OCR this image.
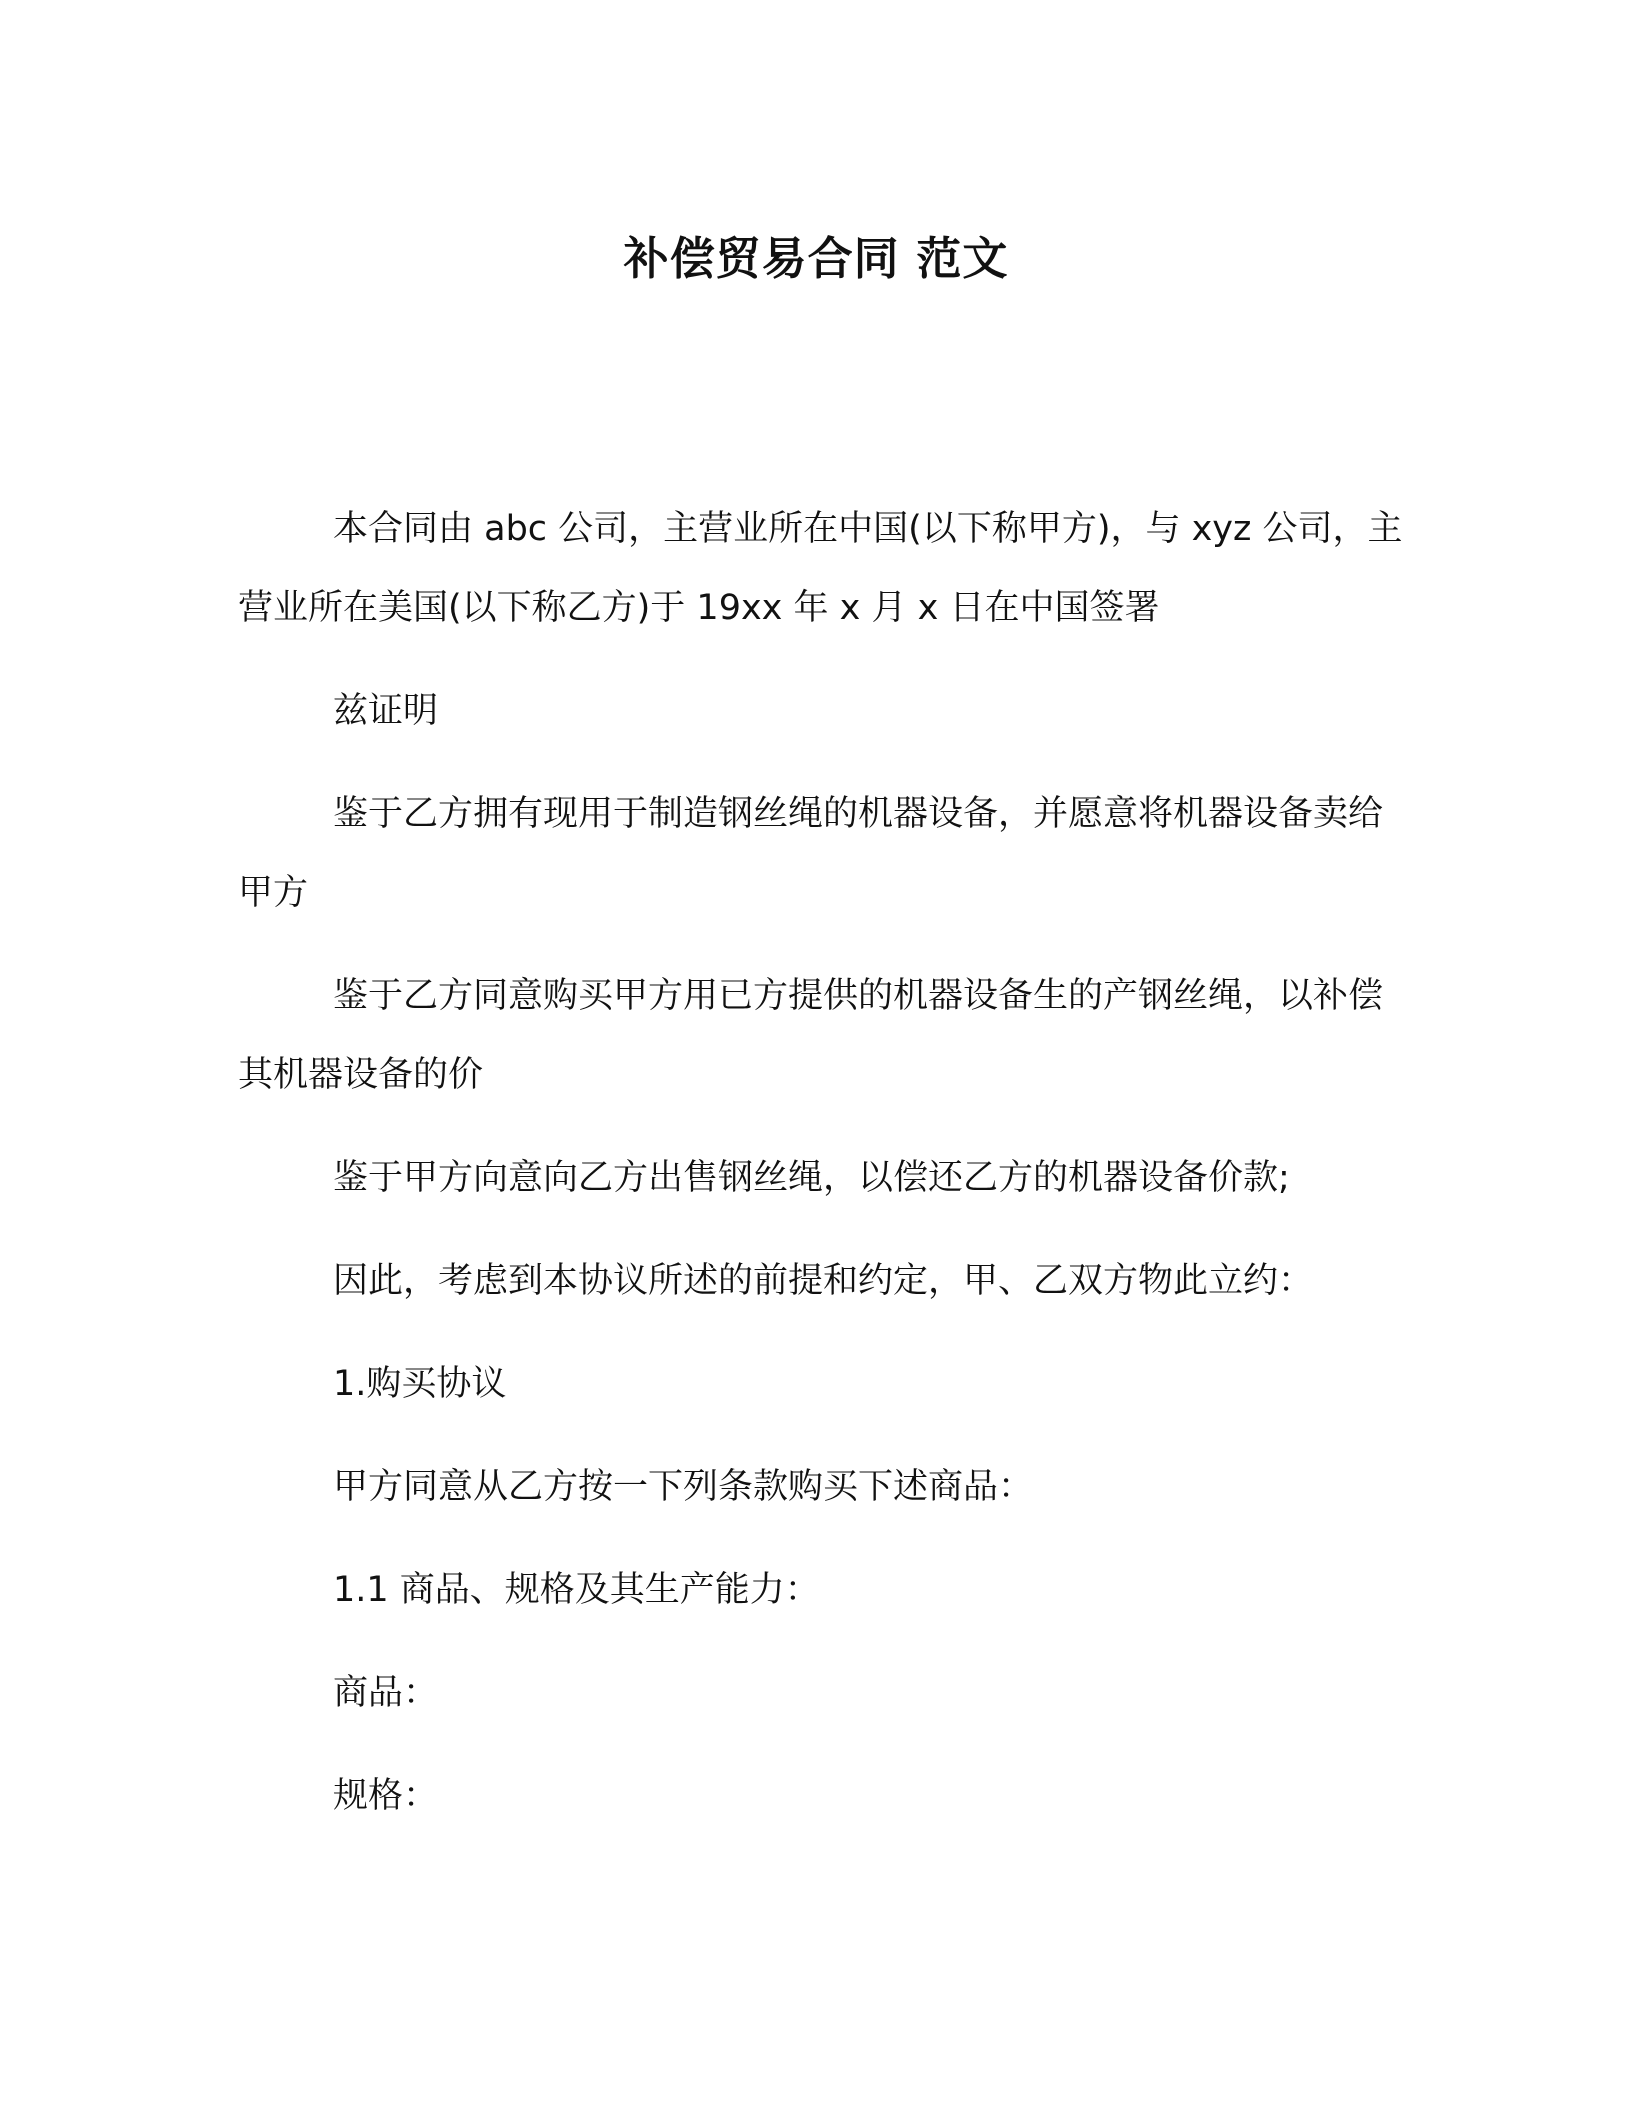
补偿贸易合同 范文

本合同由 abc 公司，主营业所在中国(以下称甲方)，与 xyz 公司，主营业所在美国(以下称乙方)于 19xx 年 x 月 x 日在中国签署

兹证明

鉴于乙方拥有现用于制造钢丝绳的机器设备，并愿意将机器设备卖给甲方

鉴于乙方同意购买甲方用已方提供的机器设备生的产钢丝绳，以补偿其机器设备的价

鉴于甲方向意向乙方出售钢丝绳，以偿还乙方的机器设备价款;

因此，考虑到本协议所述的前提和约定，甲、乙双方物此立约：

1.购买协议

甲方同意从乙方按一下列条款购买下述商品：

1.1 商品、规格及其生产能力：

商品：

规格：
